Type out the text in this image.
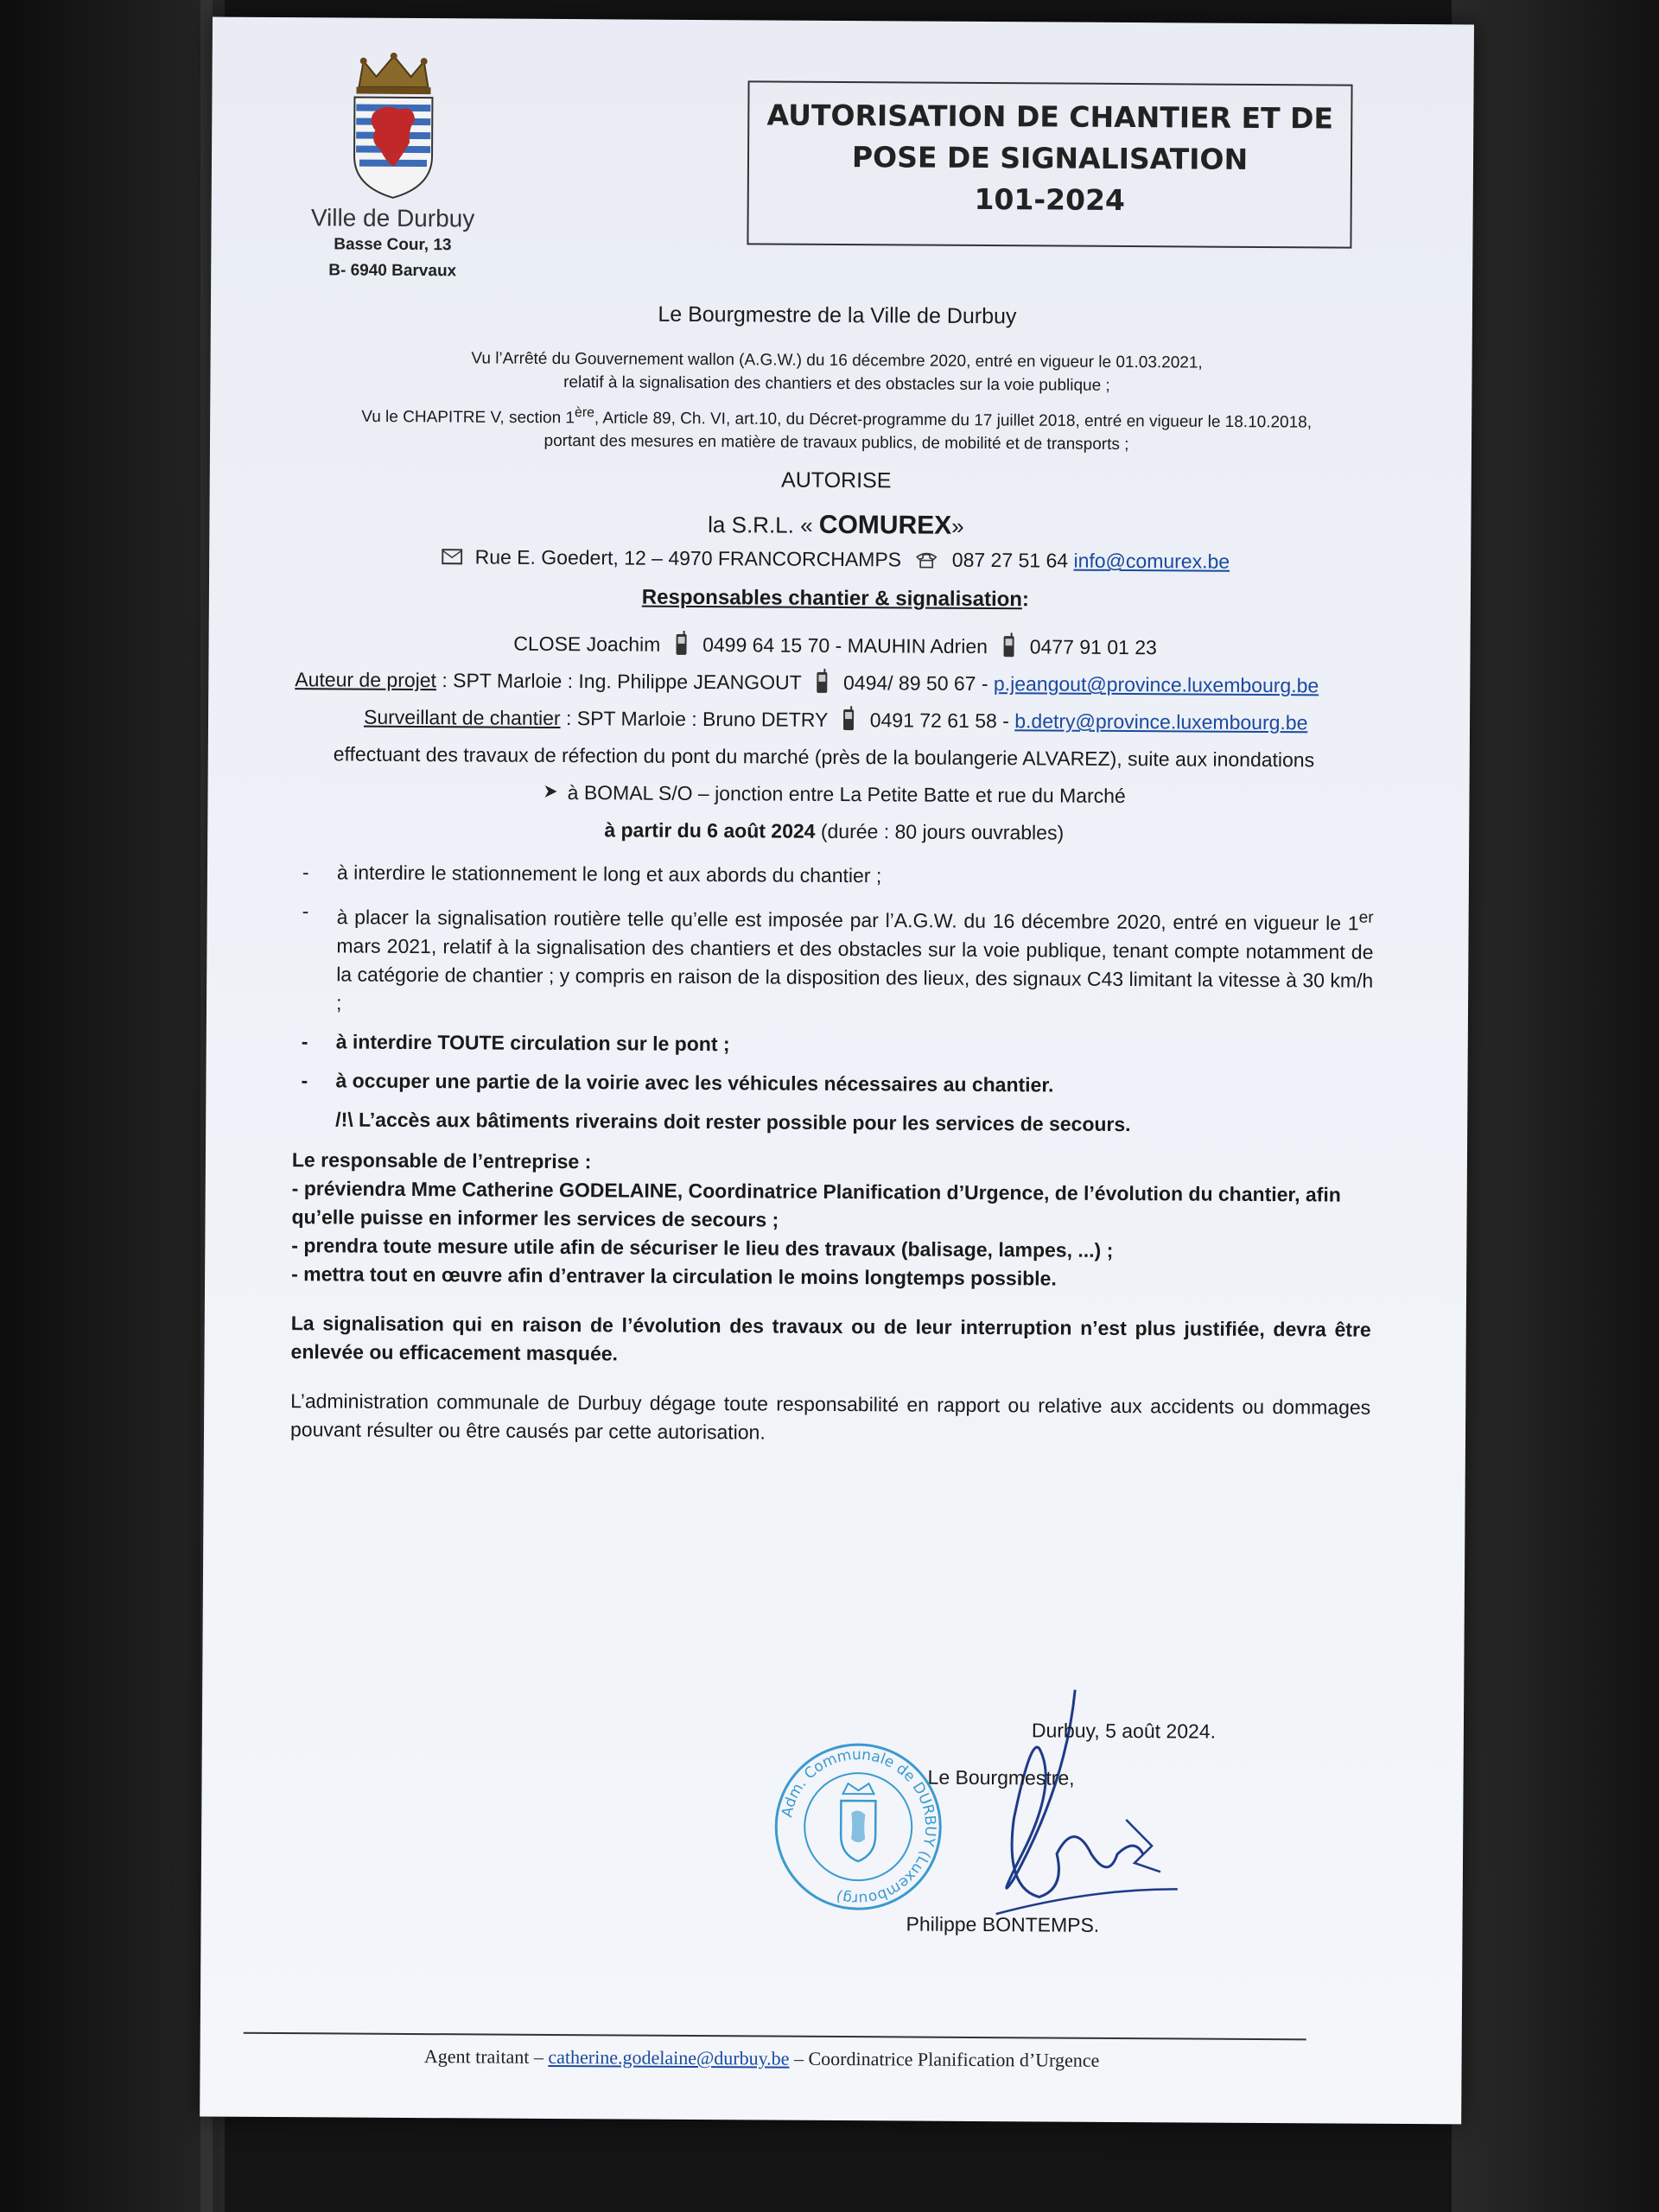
Ville de Durbuy
Basse Cour, 13
B- 6940 Barvaux
AUTORISATION DE CHANTIER ET DE
POSE DE SIGNALISATION
101-2024
Le Bourgmestre de la Ville de Durbuy
Vu l’Arrêté du Gouvernement wallon (A.G.W.) du 16 décembre 2020, entré en vigueur le 01.03.2021,
relatif à la signalisation des chantiers et des obstacles sur la voie publique ;
Vu le CHAPITRE V, section 1ère, Article 89, Ch. VI, art.10, du Décret-programme du 17 juillet 2018, entré en vigueur le 18.10.2018,
portant des mesures en matière de travaux publics, de mobilité et de transports ;
AUTORISE
la S.R.L. « COMUREX»
Rue E. Goedert, 12 – 4970 FRANCORCHAMPS	087 27 51 64 info@comurex.be
Responsables chantier & signalisation:
CLOSE Joachim 0499 64 15 70 - MAUHIN Adrien 0477 91 01 23
Auteur de projet : SPT Marloie : Ing. Philippe JEANGOUT 0494/ 89 50 67 - p.jeangout@province.luxembourg.be
Surveillant de chantier : SPT Marloie : Bruno DETRY 0491 72 61 58 - b.detry@province.luxembourg.be
effectuant des travaux de réfection du pont du marché (près de la boulangerie ALVAREZ), suite aux inondations
à BOMAL S/O – jonction entre La Petite Batte et rue du Marché
à partir du 6 août 2024 (durée : 80 jours ouvrables)
-	à interdire le stationnement le long et aux abords du chantier ;
-	à placer la signalisation routière telle qu’elle est imposée par l’A.G.W. du 16 décembre 2020, entré en vigueur le 1er mars 2021, relatif à la signalisation des chantiers et des obstacles sur la voie publique, tenant compte notamment de la catégorie de chantier ; y compris en raison de la disposition des lieux, des signaux C43 limitant la vitesse à 30 km/h ;
-	à interdire TOUTE circulation sur le pont ;
-	à occuper une partie de la voirie avec les véhicules nécessaires au chantier.
/!\ L’accès aux bâtiments riverains doit rester possible pour les services de secours.
Le responsable de l’entreprise :
- préviendra Mme Catherine GODELAINE, Coordinatrice Planification d’Urgence, de l’évolution du chantier, afin qu’elle puisse en informer les services de secours ;
- prendra toute mesure utile afin de sécuriser le lieu des travaux (balisage, lampes, ...) ;
- mettra tout en œuvre afin d’entraver la circulation le moins longtemps possible.
La signalisation qui en raison de l’évolution des travaux ou de leur interruption n’est plus justifiée, devra être enlevée ou efficacement masquée.
L’administration communale de Durbuy dégage toute responsabilité en rapport ou relative aux accidents ou dommages pouvant résulter ou être causés par cette autorisation.
Adm. Communale de DURBUY (Luxembourg)
Durbuy, 5 août 2024.
Le Bourgmestre,
Philippe BONTEMPS.
Agent traitant – catherine.godelaine@durbuy.be – Coordinatrice Planification d’Urgence
